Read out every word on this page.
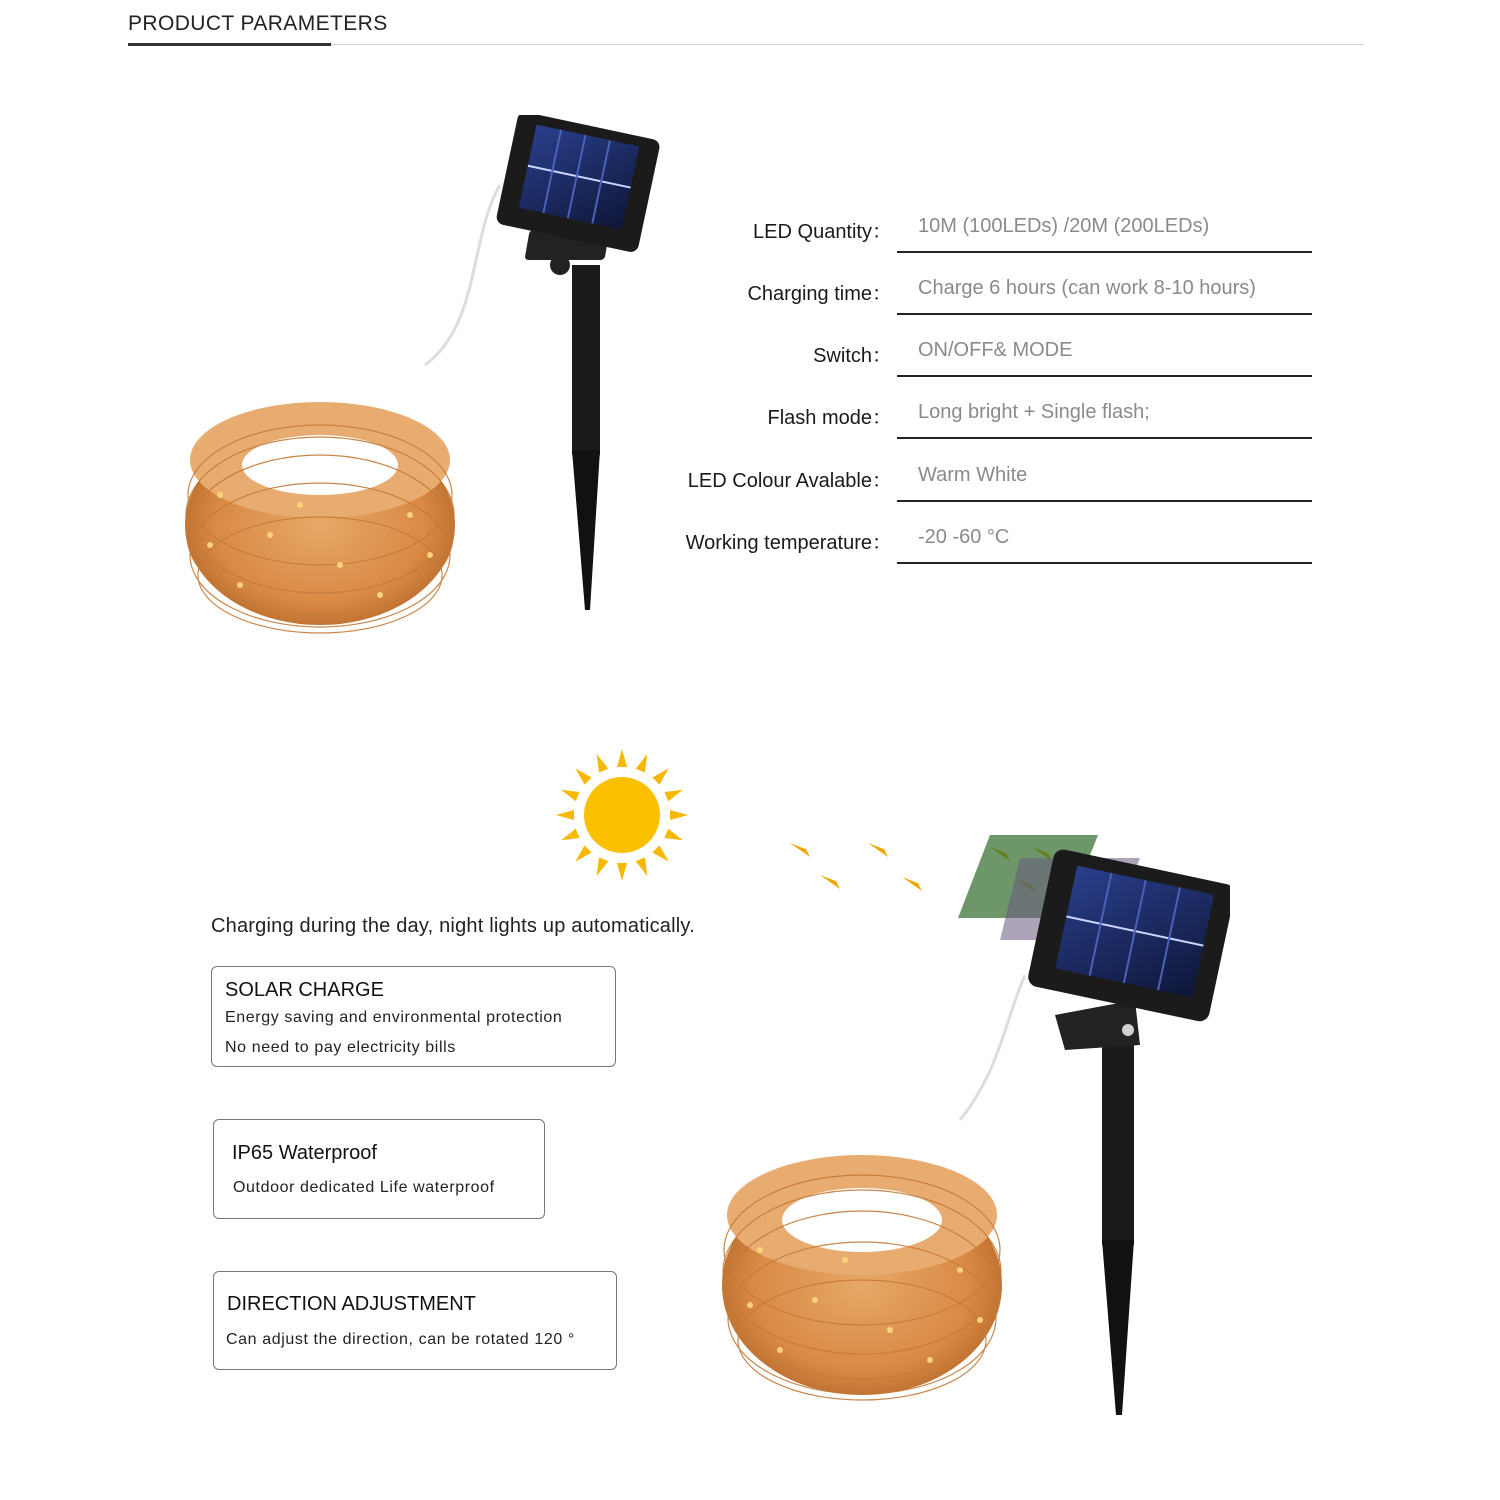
PRODUCT PARAMETERS
LED Quantity： 10M (100LEDs) /20M (200LEDs)
Charging time： Charge 6 hours (can work 8-10 hours)
Switch： ON/OFF& MODE
Flash mode： Long bright + Single flash;
LED Colour Avalable： Warm White
Working temperature： -20 -60 °C
Charging during the day, night lights up automatically.
SOLAR CHARGE
Energy saving and environmental protection
No need to pay electricity bills
IP65 Waterproof
Outdoor dedicated Life waterproof
DIRECTION ADJUSTMENT
Can adjust the direction, can be rotated 120 °
